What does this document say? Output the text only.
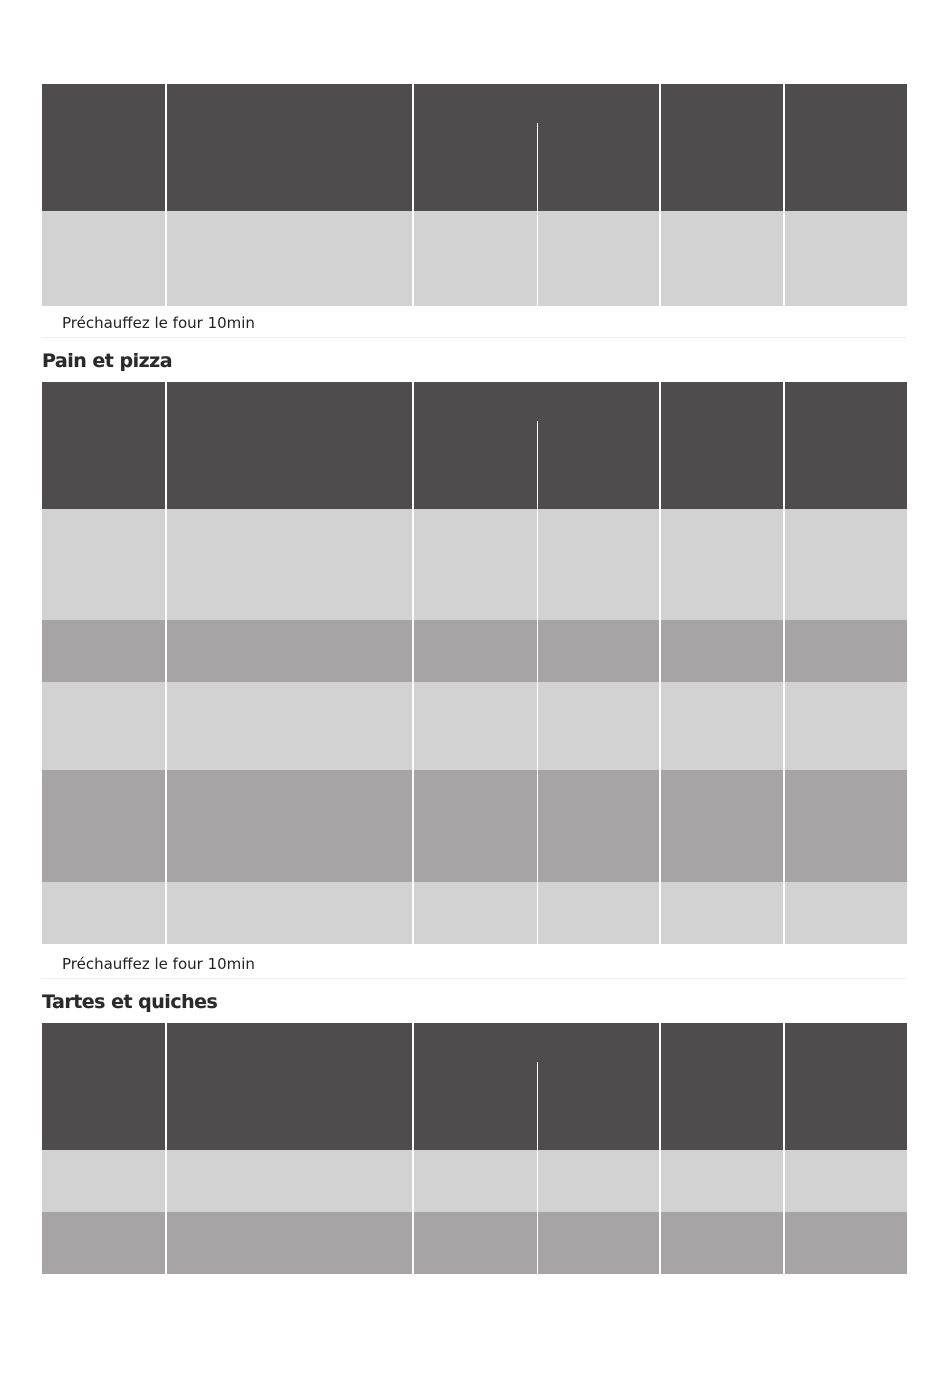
Préchauffez le four 10min
Pain et pizza
Préchauffez le four 10min
Tartes et quiches
